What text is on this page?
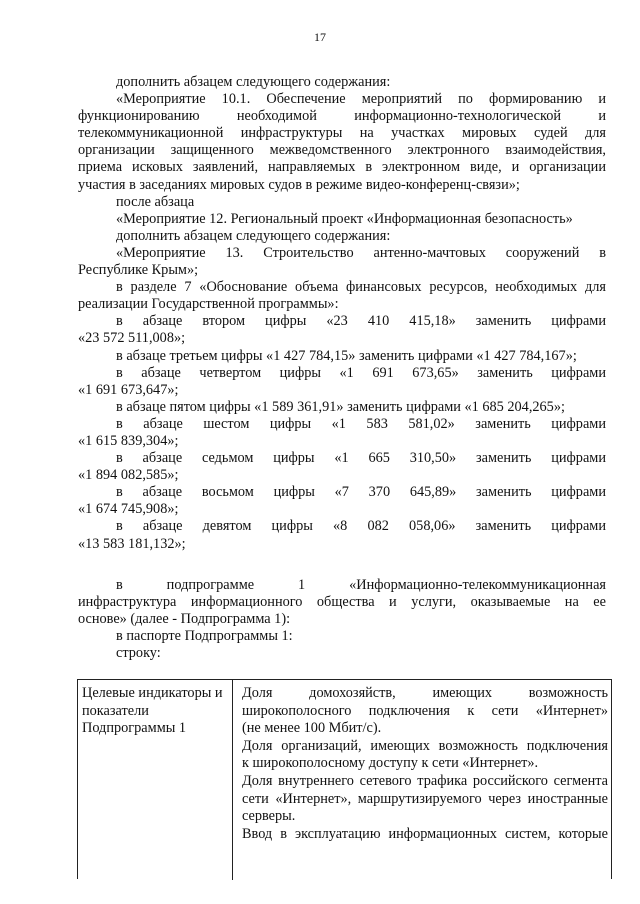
17
дополнить абзацем следующего содержания:
«Мероприятие 10.1. Обеспечение мероприятий по формированию и
функционированию необходимой информационно-технологической и
телекоммуникационной инфраструктуры на участках мировых судей для
организации защищенного межведомственного электронного взаимодействия,
приема исковых заявлений, направляемых в электронном виде, и организации
участия в заседаниях мировых судов в режиме видео-конференц-связи»;
после абзаца
«Мероприятие 12. Региональный проект «Информационная безопасность»
дополнить абзацем следующего содержания:
«Мероприятие 13. Строительство антенно-мачтовых сооружений в
Республике Крым»;
в разделе 7 «Обоснование объема финансовых ресурсов, необходимых для
реализации Государственной программы»:
в абзаце втором цифры «23 410 415,18» заменить цифрами
«23 572 511,008»;
в абзаце третьем цифры «1 427 784,15» заменить цифрами «1 427 784,167»;
в абзаце четвертом цифры «1 691 673,65» заменить цифрами
«1 691 673,647»;
в абзаце пятом цифры «1 589 361,91» заменить цифрами «1 685 204,265»;
в абзаце шестом цифры «1 583 581,02» заменить цифрами
«1 615 839,304»;
в абзаце седьмом цифры «1 665 310,50» заменить цифрами
«1 894 082,585»;
в абзаце восьмом цифры «7 370 645,89» заменить цифрами
«1 674 745,908»;
в абзаце девятом цифры «8 082 058,06» заменить цифрами
«13 583 181,132»;
в подпрограмме 1 «Информационно-телекоммуникационная
инфраструктура информационного общества и услуги, оказываемые на ее
основе» (далее - Подпрограмма 1):
в паспорте Подпрограммы 1:
строку:
Целевые индикаторы и
показатели
Подпрограммы 1
Доля домохозяйств, имеющих возможность
широкополосного подключения к сети «Интернет»
(не менее 100 Мбит/с).
Доля организаций, имеющих возможность подключения
к широкополосному доступу к сети «Интернет».
Доля внутреннего сетевого трафика российского сегмента
сети «Интернет», маршрутизируемого через иностранные
серверы.
Ввод в эксплуатацию информационных систем, которые
